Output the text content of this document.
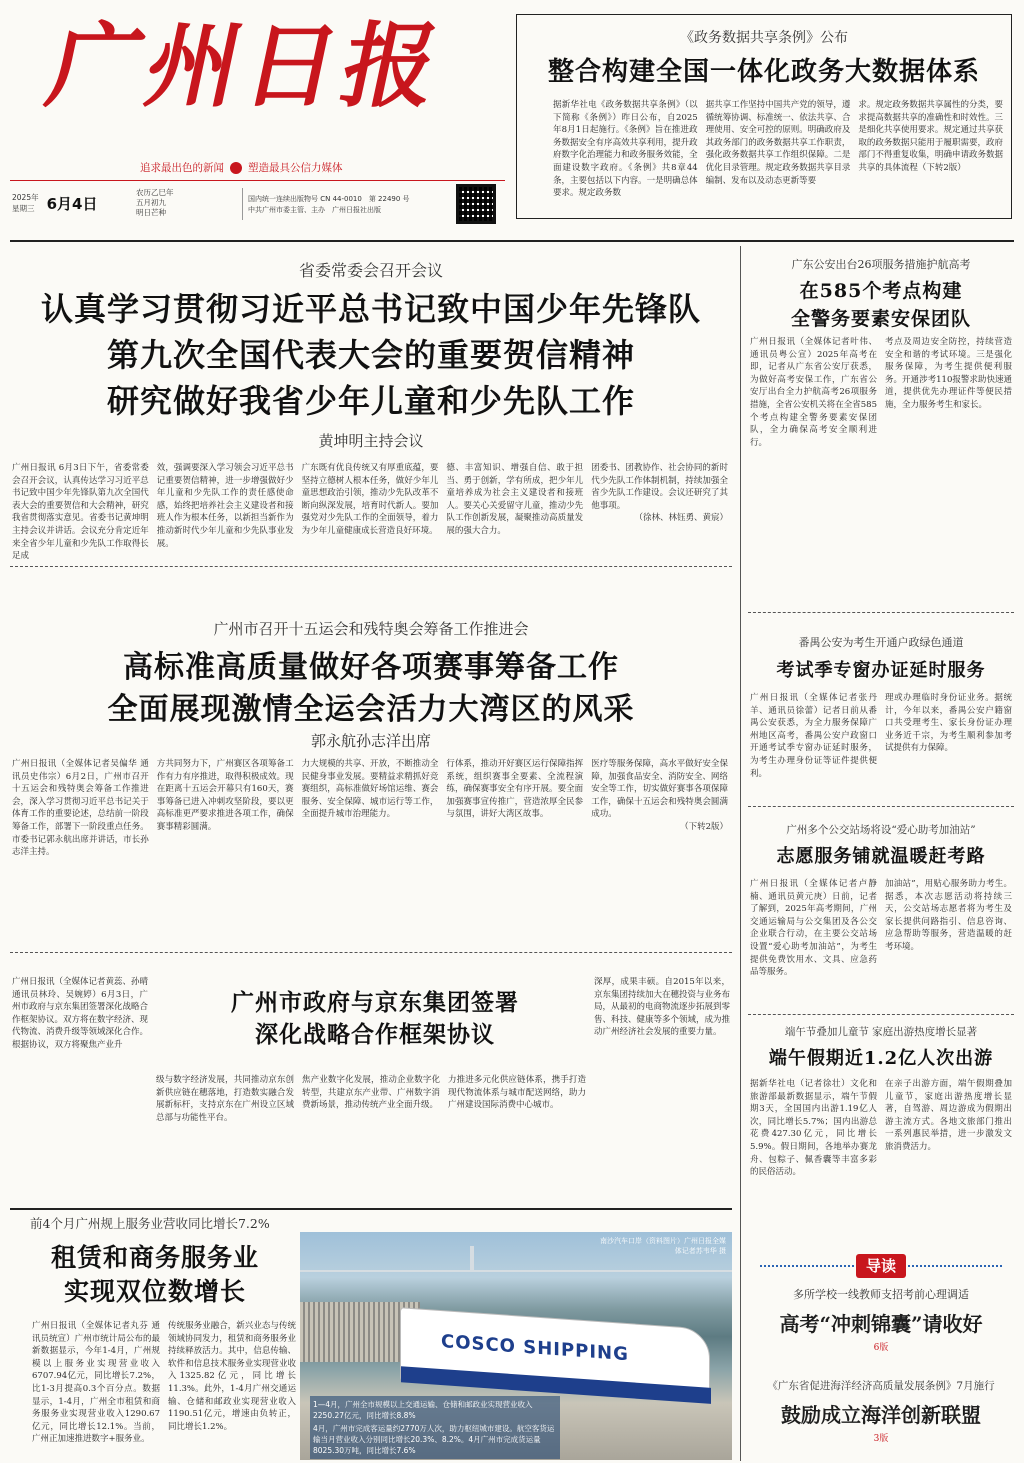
广州日报
追求最出色的新闻 塑造最具公信力媒体
2025年
星期三 6月4日
农历乙巳年
五月初九
明日芒种
国内统一连续出版物号 CN 44-0010　 第 22490 号
中共广州市委主管、主办　广州日报社出版
《政务数据共享条例》公布
整合构建全国一体化政务大数据体系

据新华社电《政务数据共享条例》（以下简称《条例》）昨日公布，自2025年8月1日起施行。《条例》旨在推进政务数据安全有序高效共享利用，提升政府数字化治理能力和政务服务效能，全面建设数字政府。《条例》共8章44条，主要包括以下内容。一是明确总体要求。规定政务数

据共享工作坚持中国共产党的领导，遵循统筹协调、标准统一、依法共享、合理使用、安全可控的原则。明确政府及其政务部门的政务数据共享工作职责，强化政务数据共享工作组织保障。二是优化目录管理。规定政务数据共享目录编制、发布以及动态更新等要

求。规定政务数据共享属性的分类，要求提高数据共享的准确性和时效性。三是细化共享使用要求。规定通过共享获取的政务数据只能用于履职需要，政府部门不得重复收集，明确申请政务数据共享的具体流程（下转2版）

省委常委会召开会议
认真学习贯彻习近平总书记致中国少年先锋队
第九次全国代表大会的重要贺信精神
研究做好我省少年儿童和少先队工作
黄坤明主持会议

广州日报讯 6月3日下午，省委常委会召开会议，认真传达学习习近平总书记致中国少年先锋队第九次全国代表大会的重要贺信和大会精神，研究我省贯彻落实意见。省委书记黄坤明主持会议并讲话。会议充分肯定近年来全省少年儿童和少先队工作取得长足成

效，强调要深入学习领会习近平总书记重要贺信精神，进一步增强做好少年儿童和少先队工作的责任感使命感，始终把培养社会主义建设者和接班人作为根本任务，以新担当新作为推动新时代少年儿童和少先队事业发展。

广东既有优良传统又有厚重底蕴，要坚持立德树人根本任务，做好少年儿童思想政治引领，推动少先队改革不断向纵深发展，培育时代新人。要加强党对少先队工作的全面领导，着力为少年儿童健康成长营造良好环境。

德、丰富知识、增强自信、敢于担当、勇于创新，学有所成，把少年儿童培养成为社会主义建设者和接班人。要关心关爱留守儿童，推动少先队工作创新发展，凝聚推动高质量发展的强大合力。

团委书、团教协作、社会协同的新时代少先队工作体制机制，持续加强全省少先队工作建设。会议还研究了其他事项。
（徐林、林钰勇、黄宸）

广州市召开十五运会和残特奥会筹备工作推进会
高标准高质量做好各项赛事筹备工作
全面展现激情全运会活力大湾区的风采
郭永航孙志洋出席

广州日报讯（全媒体记者吴偏华 通讯员史伟宗）6月2日，广州市召开十五运会和残特奥会筹备工作推进会，深入学习贯彻习近平总书记关于体育工作的重要论述，总结前一阶段筹备工作，部署下一阶段重点任务。市委书记郭永航出席并讲话，市长孙志洋主持。

方共同努力下，广州赛区各项筹备工作有力有序推进，取得积极成效。现在距离十五运会开幕只有160天，赛事筹备已进入冲刺攻坚阶段，要以更高标准更严要求推进各项工作，确保赛事精彩圆满。

力大规模的共享、开放，不断推动全民健身事业发展。要精益求精抓好竞赛组织，高标准做好场馆运维、赛会服务、安全保障、城市运行等工作，全面提升城市治理能力。

行体系，推动开好赛区运行保障指挥系统，组织赛事全要素、全流程演练，确保赛事安全有序开展。要全面加强赛事宣传推广，营造浓厚全民参与氛围，讲好大湾区故事。

医疗等服务保障，高水平做好安全保障，加强食品安全、消防安全、网络安全等工作，切实做好赛事各项保障工作，确保十五运会和残特奥会圆满成功。
（下转2版）

广州市政府与京东集团签署
深化战略合作框架协议

广州日报讯（全媒体记者黄蕊、孙晴 通讯员林玲、吴婉婷）6月3日，广州市政府与京东集团签署深化战略合作框架协议。双方将在数字经济、现代物流、消费升级等领域深化合作。根据协议，双方将聚焦产业升

级与数字经济发展，共同推动京东创新供应链在穗落地，打造数实融合发展新标杆，支持京东在广州设立区域总部与功能性平台。

焦产业数字化发展，推动企业数字化转型，共建京东产业带、广州数字消费新场景，推动传统产业全面升级。

力推进多元化供应链体系，携手打造现代物流体系与城市配送网络，助力广州建设国际消费中心城市。

深厚，成果丰硕。自2015年以来，京东集团持续加大在穗投资与业务布局，从最初的电商物流逐步拓展到零售、科技、健康等多个领域，成为推动广州经济社会发展的重要力量。

前4个月广州规上服务业营收同比增长7.2%
租赁和商务服务业
实现双位数增长

广州日报讯（全媒体记者丸芬 通讯员统宣）广州市统计局公布的最新数据显示，今年1-4月，广州规模以上服务业实现营业收入6707.94亿元，同比增长7.2%，比1-3月提高0.3个百分点。数据显示，1-4月，广州全市租赁和商务服务业实现营业收入1290.67亿元，同比增长12.1%。当前，广州正加速推进数字+服务业。

传统服务业融合，新兴业态与传统领域协同发力，租赁和商务服务业持续释放活力。其中，信息传输、软件和信息技术服务业实现营业收入1325.82亿元，同比增长11.3%。此外，1-4月广州交通运输、仓储和邮政业实现营业收入1190.51亿元，增速由负转正，同比增长1.2%。

南沙汽车口岸（资料图片）广州日报全媒体记者苏韦华 摄
COSCO SHIPPING
1—4月，广州全市规模以上交通运输、仓储和邮政业实现营业收入2250.27亿元，同比增长8.8%
4月，广州市完成客运量约2770万人次，助力枢纽城市建设。航空客货运输当月营业收入分别同比增长20.3%、8.2%。4月广州市完成货运量8025.30万吨，同比增长7.6%
广东公安出台26项服务措施护航高考
在585个考点构建
全警务要素安保团队

广州日报讯（全媒体记者叶伟、通讯员粤公宣）2025年高考在即，记者从广东省公安厅获悉，为做好高考安保工作，广东省公安厅出台全力护航高考26项服务措施，全省公安机关将在全省585个考点构建全警务要素安保团队，全力确保高考安全顺利进行。

考点及周边安全防控，持续营造安全和谐的考试环境。三是强化服务保障，为考生提供便利服务。开通涉考110报警求助快速通道，提供优先办理证件等便民措施，全力服务考生和家长。

番禺公安为考生开通户政绿色通道
考试季专窗办证延时服务

广州日报讯（全媒体记者张丹羊、通讯员徐蕾）记者日前从番禺公安获悉，为全力服务保障广州地区高考，番禺公安户政窗口开通考试季专窗办证延时服务，为考生办理身份证等证件提供便利。

理或办理临时身份证业务。据统计，今年以来，番禺公安户籍窗口共受理考生、家长身份证办理业务近千宗，为考生顺利参加考试提供有力保障。

广州多个公交站场将设“爱心助考加油站”
志愿服务铺就温暖赶考路

广州日报讯（全媒体记者卢静楠、通讯员黄元庚）日前，记者了解到，2025年高考期间，广州交通运输局与公交集团及各公交企业联合行动，在主要公交站场设置“爱心助考加油站”，为考生提供免费饮用水、文具、应急药品等服务。

加油站”，用贴心服务助力考生。据悉，本次志愿活动将持续三天，公交站场志愿者将为考生及家长提供问路指引、信息咨询、应急帮助等服务，营造温暖的赶考环境。

端午节叠加儿童节 家庭出游热度增长显著
端午假期近1.2亿人次出游

据新华社电（记者徐壮）文化和旅游部最新数据显示，端午节假期3天，全国国内出游1.19亿人次，同比增长5.7%；国内出游总花费427.30亿元，同比增长5.9%。假日期间，各地举办赛龙舟、包粽子、佩香囊等丰富多彩的民俗活动。

在亲子出游方面，端午假期叠加儿童节，家庭出游热度增长显著，自驾游、周边游成为假期出游主流方式。各地文旅部门推出一系列惠民举措，进一步激发文旅消费活力。

导读
多所学校一线教师支招考前心理调适
高考“冲刺锦囊”请收好
6版
《广东省促进海洋经济高质量发展条例》7月施行
鼓励成立海洋创新联盟
3版
